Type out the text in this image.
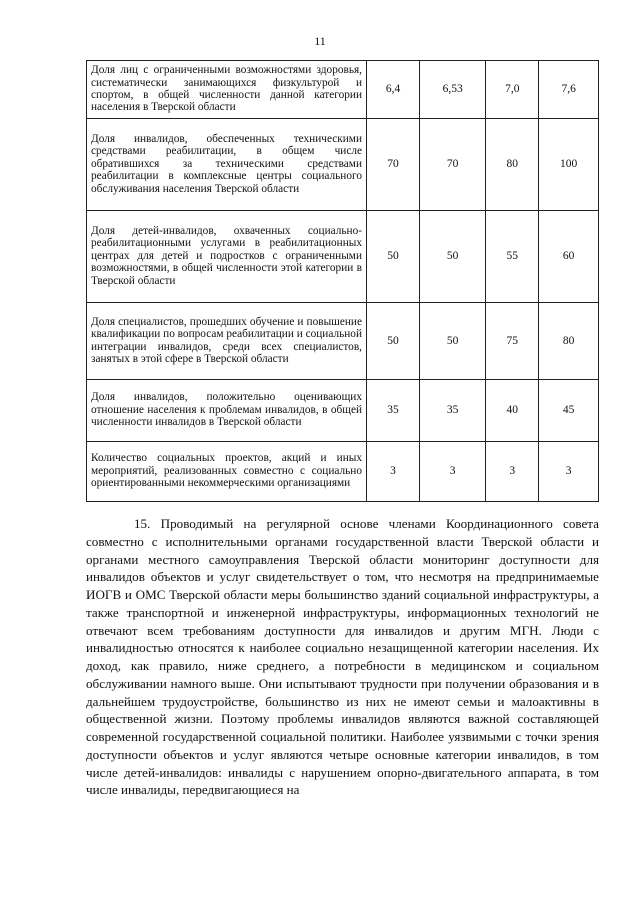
11
Доля лиц с ограниченными возможностями здоровья, систематически занимающихся физкультурой и спортом, в общей численности данной категории населения в Тверской области	6,4	6,53	7,0	7,6
Доля инвалидов, обеспеченных техническими средствами реабилитации, в общем числе обратившихся за техническими средствами реабилитации в комплексные центры социального обслуживания населения Тверской области	70	70	80	100
Доля детей-инвалидов, охваченных социально-реабилитационными услугами в реабилитационных центрах для детей и подростков с ограниченными возможностями, в общей численности этой категории в Тверской области	50	50	55	60
Доля специалистов, прошедших обучение и повышение квалификации по вопросам реабилитации и социальной интеграции инвалидов, среди всех специалистов, занятых в этой сфере в Тверской области	50	50	75	80
Доля инвалидов, положительно оценивающих отношение населения к проблемам инвалидов, в общей численности инвалидов в Тверской области	35	35	40	45
Количество социальных проектов, акций и иных мероприятий, реализованных совместно с социально ориентированными некоммерческими организациями	3	3	3	3
15. Проводимый на регулярной основе членами Координационного совета совместно с исполнительными органами государственной власти Тверской области и органами местного самоуправления Тверской области мониторинг доступности для инвалидов объектов и услуг свидетельствует о том, что несмотря на предпринимаемые ИОГВ и ОМС Тверской области меры большинство зданий социальной инфраструктуры, а также транспортной и инженерной инфраструктуры, информационных технологий не отвечают всем требованиям доступности для инвалидов и другим МГН. Люди с инвалидностью относятся к наиболее социально незащищенной категории населения. Их доход, как правило, ниже среднего, а потребности в медицинском и социальном обслуживании намного выше. Они испытывают трудности при получении образования и в дальнейшем трудоустройстве, большинство из них не имеют семьи и малоактивны в общественной жизни. Поэтому проблемы инвалидов являются важной составляющей современной государственной социальной политики. Наиболее уязвимыми с точки зрения доступности объектов и услуг являются четыре основные категории инвалидов, в том числе детей-инвалидов: инвалиды с нарушением опорно-двигательного аппарата, в том числе инвалиды, передвигающиеся на
